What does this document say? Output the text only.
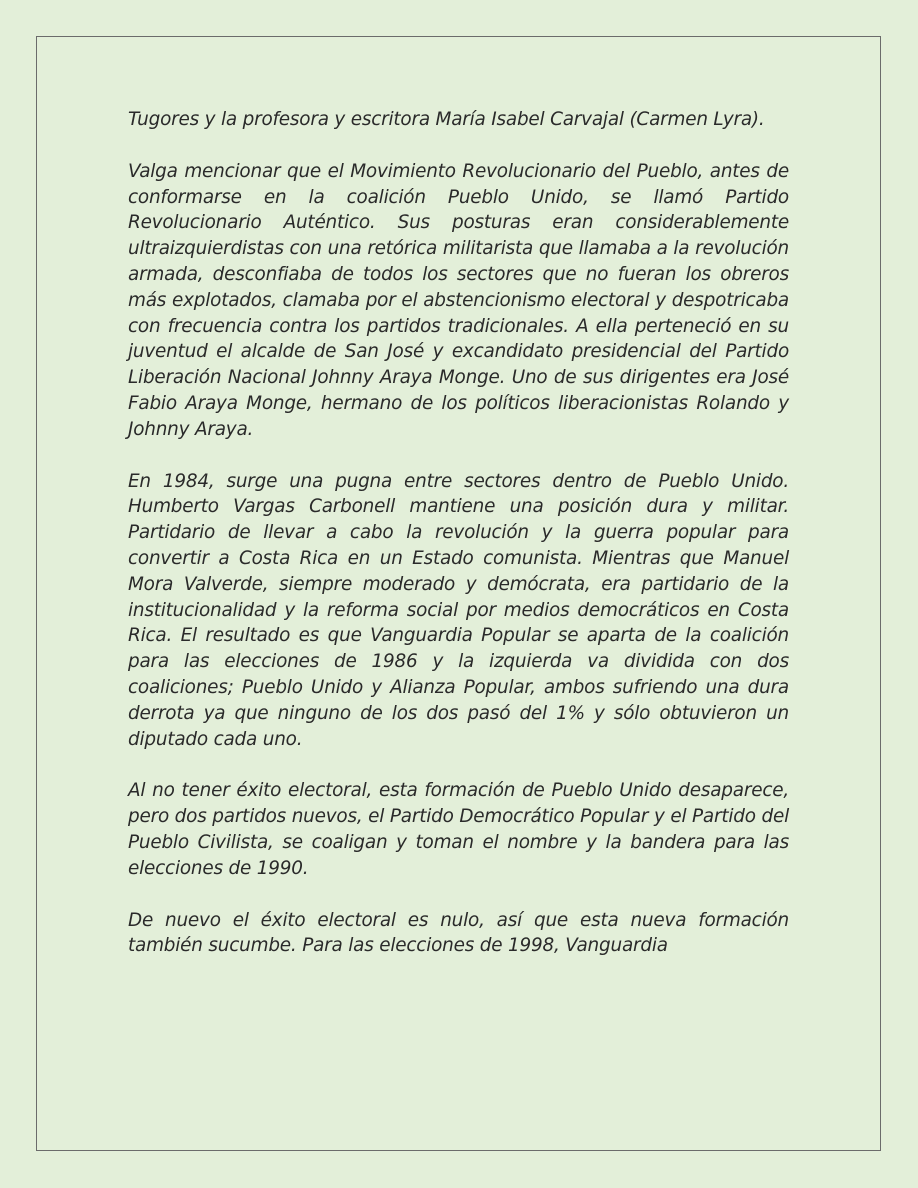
Tugores y la profesora y escritora María Isabel Carvajal (Carmen Lyra).

Valga mencionar que el Movimiento Revolucionario del Pueblo, antes de conformarse en la coalición Pueblo Unido, se llamó Partido Revolucionario Auténtico. Sus posturas eran considerablemente ultraizquierdistas con una retórica militarista que llamaba a la revolución armada, desconfiaba de todos los sectores que no fueran los obreros más explotados, clamaba por el abstencionismo electoral y despotricaba con frecuencia contra los partidos tradicionales. A ella perteneció en su juventud el alcalde de San José y excandidato presidencial del Partido Liberación Nacional Johnny Araya Monge. Uno de sus dirigentes era José Fabio Araya Monge, hermano de los políticos liberacionistas Rolando y Johnny Araya.

En 1984, surge una pugna entre sectores dentro de Pueblo Unido. Humberto Vargas Carbonell mantiene una posición dura y militar. Partidario de llevar a cabo la revolución y la guerra popular para convertir a Costa Rica en un Estado comunista. Mientras que Manuel Mora Valverde, siempre moderado y demócrata, era partidario de la institucionalidad y la reforma social por medios democráticos en Costa Rica. El resultado es que Vanguardia Popular se aparta de la coalición para las elecciones de 1986 y la izquierda va dividida con dos coaliciones; Pueblo Unido y Alianza Popular, ambos sufriendo una dura derrota ya que ninguno de los dos pasó del 1% y sólo obtuvieron un diputado cada uno.

Al no tener éxito electoral, esta formación de Pueblo Unido desaparece, pero dos partidos nuevos, el Partido Democrático Popular y el Partido del Pueblo Civilista, se coaligan y toman el nombre y la bandera para las elecciones de 1990.

De nuevo el éxito electoral es nulo, así que esta nueva formación también sucumbe. Para las elecciones de 1998, Vanguardia
